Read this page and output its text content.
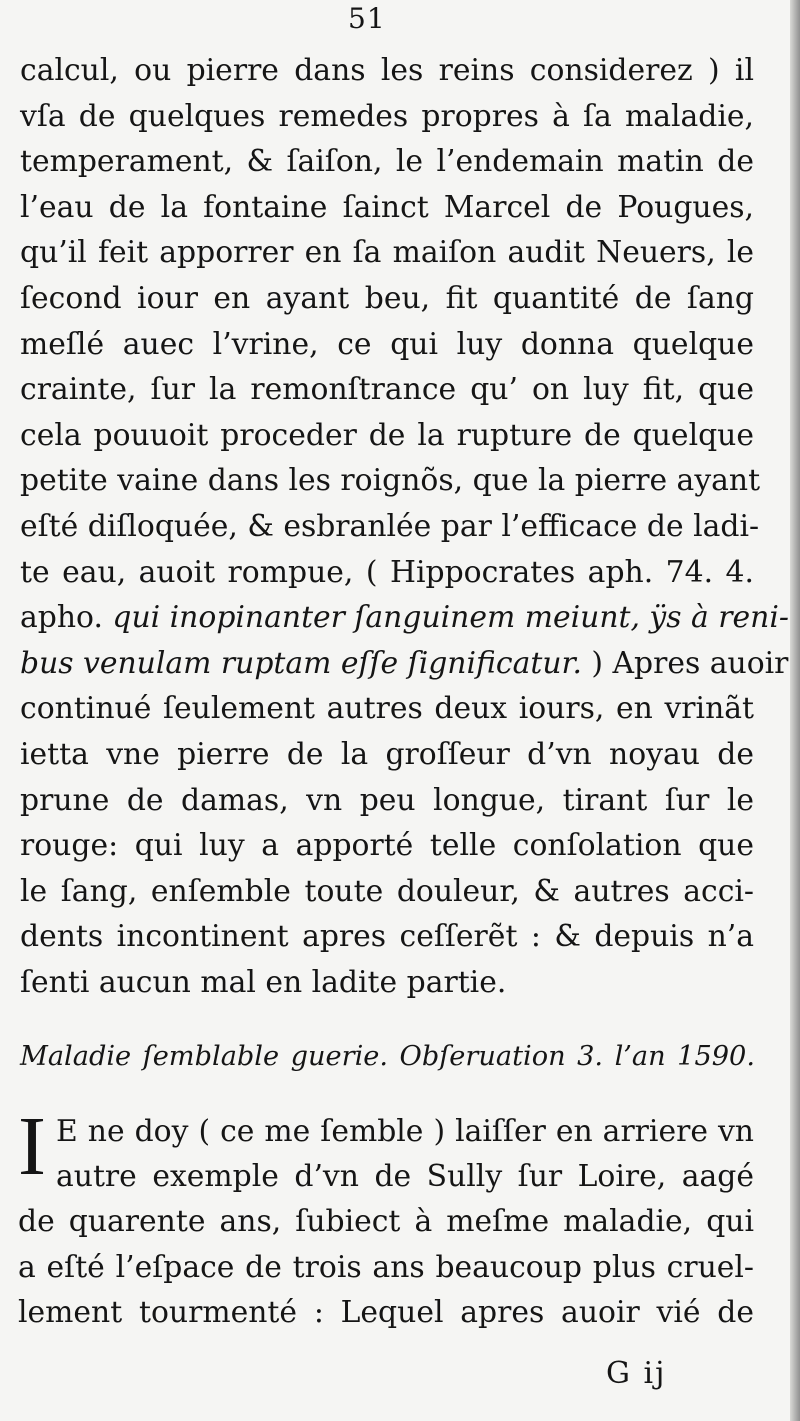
51
calcul, ou pierre dans les reins considerez ) il
vſa de quelques remedes propres à ſa maladie,
temperament, & ſaiſon, le l’endemain matin de
l’eau de la fontaine ſainct Marcel de Pougues,
qu’il feit apporrer en ſa maiſon audit Neuers, le
ſecond iour en ayant beu, fit quantité de ſang
meſlé auec l’vrine, ce qui luy donna quelque
crainte, ſur la remonſtrance qu’ on luy fit, que
cela pouuoit proceder de la rupture de quelque
petite vaine dans les roignõs, que la pierre ayant
eſté diſloquée, & esbranlée par l’efficace de ladi-
te eau, auoit rompue, ( Hippocrates aph. 74. 4.
apho. qui inopinanter ſanguinem meiunt, ÿs à reni-
bus venulam ruptam eſſe ſignificatur. ) Apres auoir
continué ſeulement autres deux iours, en vrinãt
ietta vne pierre de la groſſeur d’vn noyau de
prune de damas, vn peu longue, tirant ſur le
rouge: qui luy a apporté telle conſolation que
le ſang, enſemble toute douleur, & autres acci-
dents incontinent apres ceſſerẽt : & depuis n’a
ſenti aucun mal en ladite partie.
Maladie ſemblable guerie. Obſeruation 3. l’an 1590.
I E ne doy ( ce me ſemble ) laiſſer en arriere vn
autre exemple d’vn de Sully ſur Loire, aagé
de quarente ans, ſubiect à meſme maladie, qui
a eſté l’eſpace de trois ans beaucoup plus cruel-
lement tourmenté : Lequel apres auoir vié de
G ij
